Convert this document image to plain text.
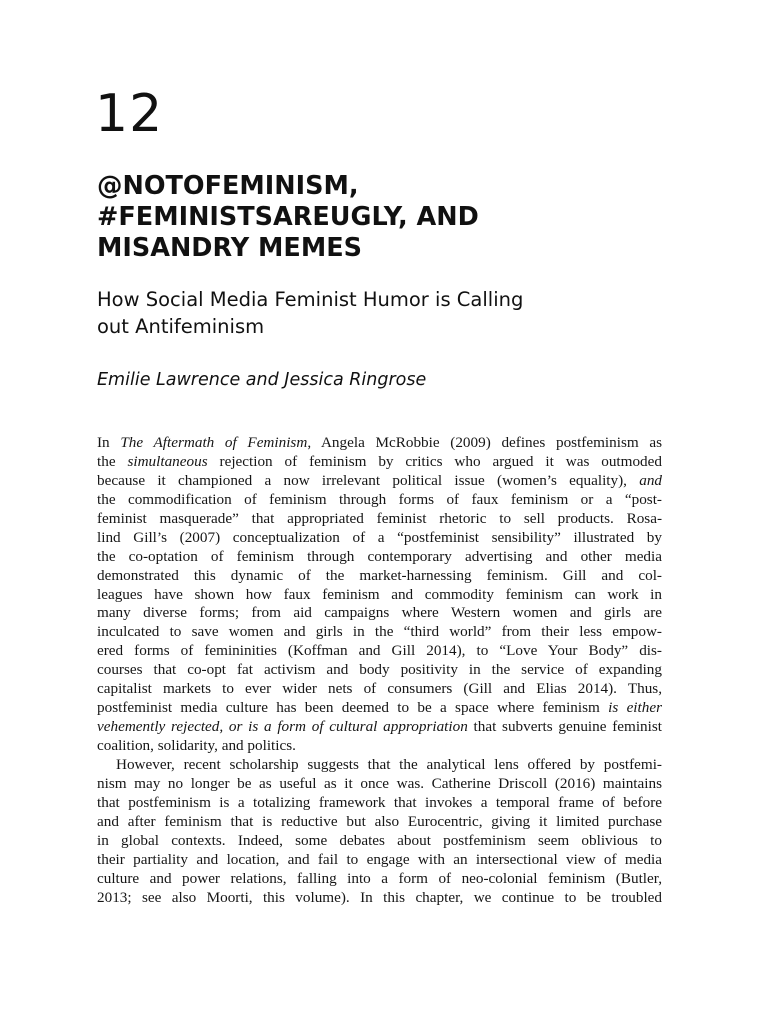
12
@NOTOFEMINISM,
#FEMINISTSAREUGLY, AND
MISANDRY MEMES
How Social Media Feminist Humor is Calling
out Antifeminism
Emilie Lawrence and Jessica Ringrose
In The Aftermath of Feminism, Angela McRobbie (2009) defines postfeminism as
the simultaneous rejection of feminism by critics who argued it was outmoded
because it championed a now irrelevant political issue (women’s equality), and
the commodification of feminism through forms of faux feminism or a “post-
feminist masquerade” that appropriated feminist rhetoric to sell products. Rosa-
lind Gill’s (2007) conceptualization of a “postfeminist sensibility” illustrated by
the co-optation of feminism through contemporary advertising and other media
demonstrated this dynamic of the market-harnessing feminism. Gill and col-
leagues have shown how faux feminism and commodity feminism can work in
many diverse forms; from aid campaigns where Western women and girls are
inculcated to save women and girls in the “third world” from their less empow-
ered forms of femininities (Koffman and Gill 2014), to “Love Your Body” dis-
courses that co-opt fat activism and body positivity in the service of expanding
capitalist markets to ever wider nets of consumers (Gill and Elias 2014). Thus,
postfeminist media culture has been deemed to be a space where feminism is either
vehemently rejected, or is a form of cultural appropriation that subverts genuine feminist
coalition, solidarity, and politics.
However, recent scholarship suggests that the analytical lens offered by postfemi-
nism may no longer be as useful as it once was. Catherine Driscoll (2016) maintains
that postfeminism is a totalizing framework that invokes a temporal frame of before
and after feminism that is reductive but also Eurocentric, giving it limited purchase
in global contexts. Indeed, some debates about postfeminism seem oblivious to
their partiality and location, and fail to engage with an intersectional view of media
culture and power relations, falling into a form of neo-colonial feminism (Butler,
2013; see also Moorti, this volume). In this chapter, we continue to be troubled
